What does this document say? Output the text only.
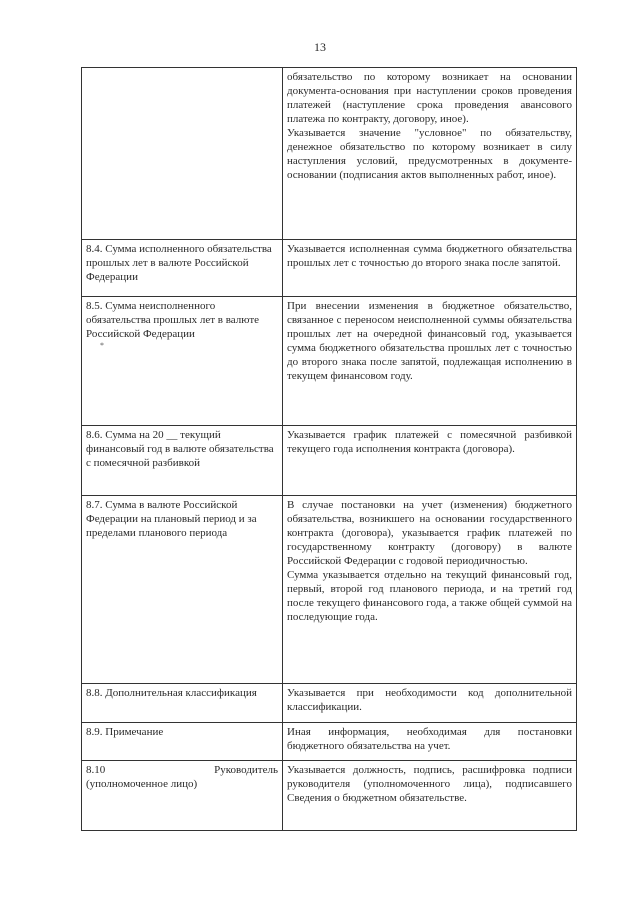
13

	обязательство по которому возникает на основании документа-основания при наступлении сроков проведения платежей (наступление срока проведения авансового платежа по контракту, договору, иное).

Указывается значение "условное" по обязательству, денежное обязательство по которому возникает в силу наступления условий, предусмотренных в документе-основании (подписания актов выполненных работ, иное).

8.4. Сумма исполненного обязательства прошлых лет в валюте Российской Федерации	Указывается исполненная сумма бюджетного обязательства прошлых лет с точностью до второго знака после запятой.

8.5. Сумма неисполненного обязательства прошлых лет в валюте Российской Федерации
*	При внесении изменения в бюджетное обязательство, связанное с переносом неисполненной суммы обязательства прошлых лет на очередной финансовый год, указывается сумма бюджетного обязательства прошлых лет с точностью до второго знака после запятой, подлежащая исполнению в текущем финансовом году.

8.6. Сумма на 20 __ текущий финансовый год в валюте обязательства с помесячной разбивкой	Указывается график платежей с помесячной разбивкой текущего года исполнения контракта (договора).

8.7. Сумма в валюте Российской Федерации на плановый период и за пределами планового периода	В случае постановки на учет (изменения) бюджетного обязательства, возникшего на основании государственного контракта (договора), указывается график платежей по государственному контракту (договору) в валюте Российской Федерации с годовой периодичностью.

Сумма указывается отдельно на текущий финансовый год, первый, второй год планового периода, и на третий год после текущего финансового года, а также общей суммой на последующие года.

8.8. Дополнительная классификация	Указывается при необходимости код дополнительной классификации.

8.9. Примечание	Иная информация, необходимая для постановки бюджетного обязательства на учет.

8.10 Руководитель
(уполномоченное лицо)	Указывается должность, подпись, расшифровка подписи руководителя (уполномоченного лица), подписавшего Сведения о бюджетном обязательстве.
